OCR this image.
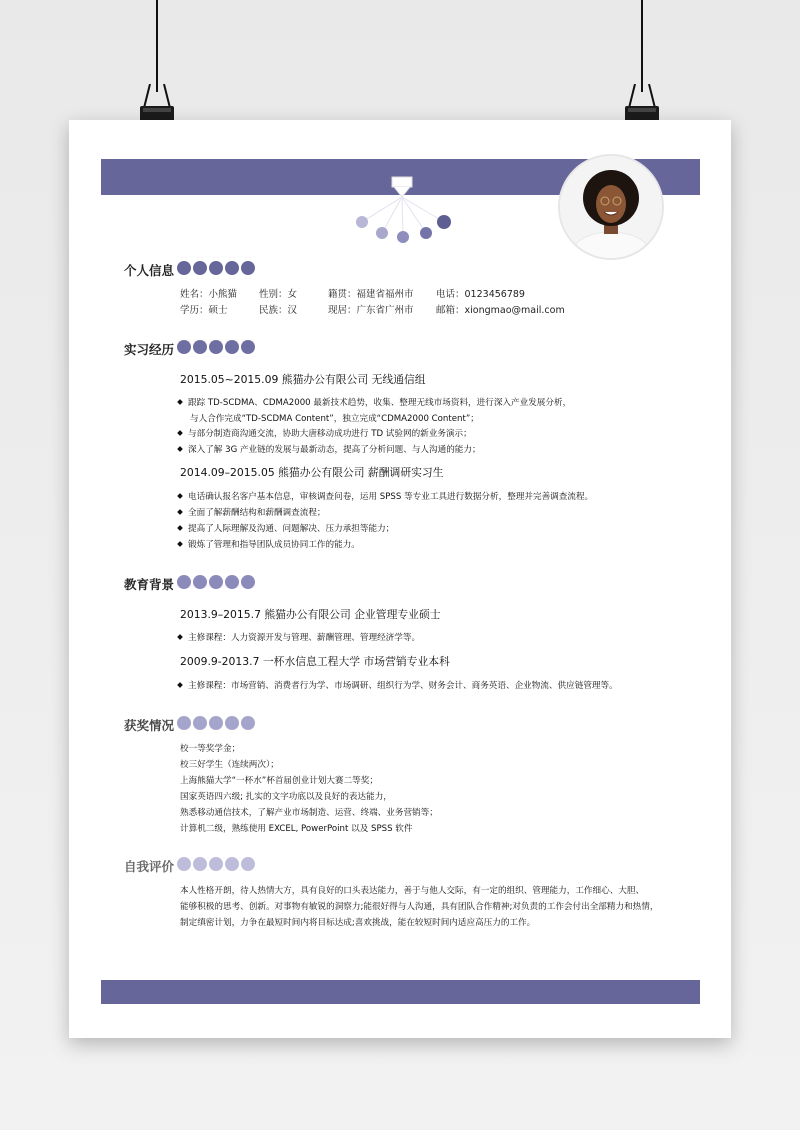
个人信息
姓名：小熊猫 性别：女	籍贯：福建省福州市 电话：0123456789
学历：硕士	民族：汉	现居：广东省广州市 邮箱：xiongmao@mail.com
实习经历
2015.05~2015.09 熊猫办公有限公司 无线通信组
跟踪 TD-SCDMA、CDMA2000 最新技术趋势，收集、整理无线市场资料，进行深入产业发展分析，
与人合作完成“TD-SCDMA Content”，独立完成“CDMA2000 Content”；
与部分制造商沟通交流，协助大唐移动成功进行 TD 试验网的新业务演示；
深入了解 3G 产业链的发展与最新动态，提高了分析问题、与人沟通的能力；
2014.09–2015.05 熊猫办公有限公司 薪酬调研实习生
电话确认报名客户基本信息，审核调查问卷，运用 SPSS 等专业工具进行数据分析，整理并完善调查流程。
全面了解薪酬结构和薪酬调查流程；
提高了人际理解及沟通、问题解决、压力承担等能力；
锻炼了管理和指导团队成员协同工作的能力。
教育背景
2013.9–2015.7 熊猫办公有限公司 企业管理专业硕士
主修课程：人力资源开发与管理、薪酬管理、管理经济学等。
2009.9-2013.7 一杯水信息工程大学 市场营销专业本科
主修课程：市场营销、消费者行为学、市场调研、组织行为学、财务会计、商务英语、企业物流、供应链管理等。
获奖情况
校一等奖学金；
校三好学生（连续两次）；
上海熊猫大学“一杯水”杯首届创业计划大赛二等奖；
国家英语四六级; 扎实的文字功底以及良好的表达能力，
熟悉移动通信技术，了解产业市场制造、运营、终端、业务营销等；
计算机二级，熟练使用 EXCEL, PowerPoint 以及 SPSS 软件
自我评价
本人性格开朗，待人热情大方，具有良好的口头表达能力，善于与他人交际，有一定的组织、管理能力，工作细心、大胆、
能够积极的思考、创新。对事物有敏锐的洞察力;能很好得与人沟通，具有团队合作精神;对负责的工作会付出全部精力和热情，
制定缜密计划，力争在最短时间内将目标达成;喜欢挑战，能在较短时间内适应高压力的工作。
